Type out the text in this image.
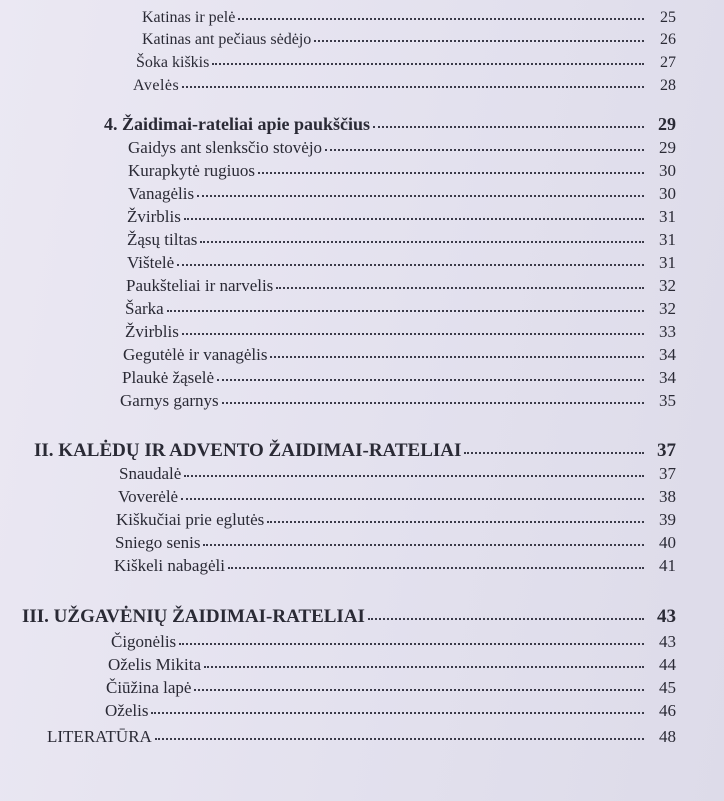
Katinas ir pelė	25
Katinas ant pečiaus sėdėjo	26
Šoka kiškis	27
Avelės	28
4. Žaidimai-rateliai apie paukščius	29
Gaidys ant slenksčio stovėjo	29
Kurapkytė rugiuos	30
Vanagėlis	30
Žvirblis	31
Žąsų tiltas	31
Vištelė	31
Paukšteliai ir narvelis	32
Šarka	32
Žvirblis	33
Gegutėlė ir vanagėlis	34
Plaukė žąselė	34
Garnys garnys	35
II. KALĖDŲ IR ADVENTO ŽAIDIMAI-RATELIAI	37
Snaudalė	37
Voverėlė	38
Kiškučiai prie eglutės	39
Sniego senis	40
Kiškeli nabagėli	41
III. UŽGAVĖNIŲ ŽAIDIMAI-RATELIAI	43
Čigonėlis	43
Oželis Mikita	44
Čiūžina lapė	45
Oželis	46
LITERATŪRA	48
